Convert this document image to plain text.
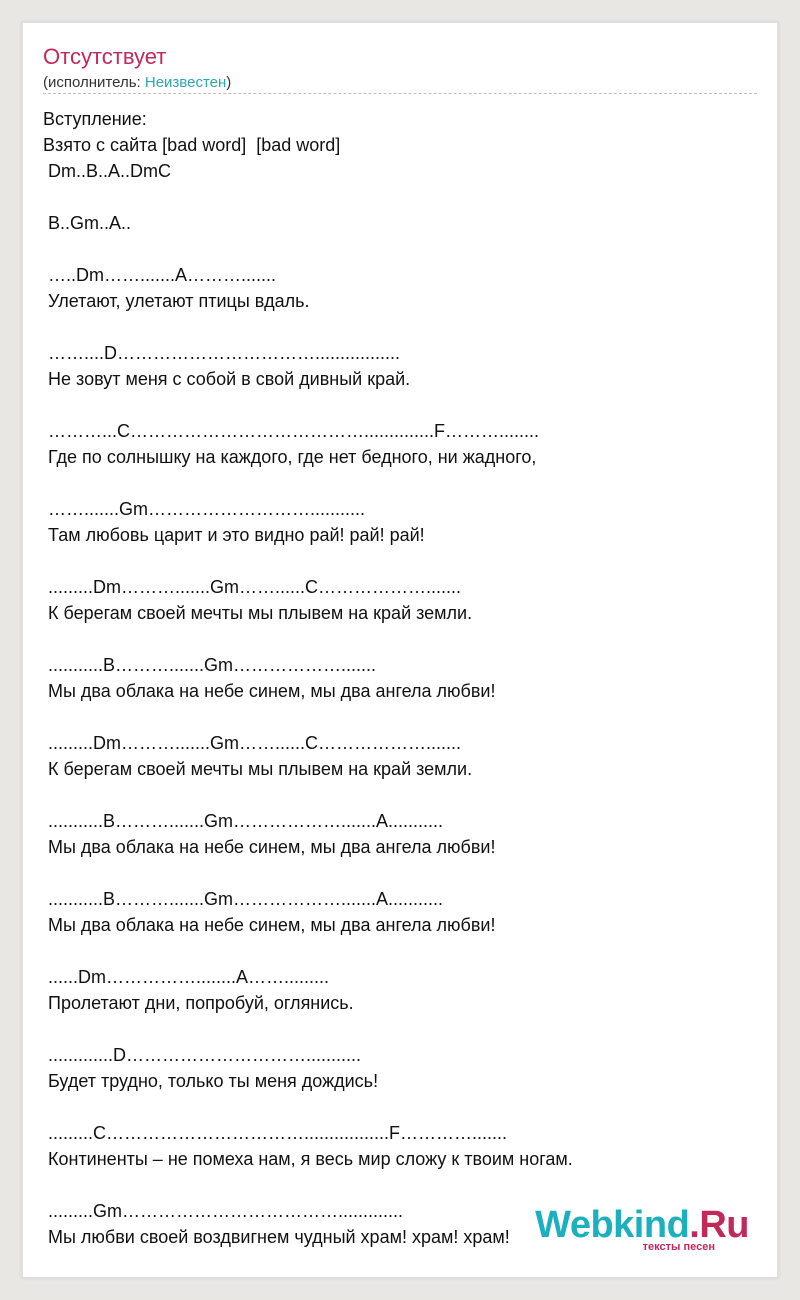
Отсутствует
(исполнитель: Неизвестен)
Вступление:
Взято с сайта [bad word]  [bad word]
Dm..B..A..DmC
B..Gm..A..
…..Dm…….......A……….......
Улетают, улетают птицы вдаль.
……....D…………………………….................
Не зовут меня с собой в свой дивный край.
………...C…………………………………..............F………........
Где по солнышку на каждого, где нет бедного, ни жадного,
…….......Gm………………………...........
Там любовь царит и это видно рай! рай! рай!
.........Dm……….......Gm……......C……………….......
К берегам своей мечты мы плывем на край земли.
...........B……….......Gm……………….......
Мы два облака на небе синем, мы два ангела любви!
.........Dm……….......Gm……......C……………….......
К берегам своей мечты мы плывем на край земли.
...........B……….......Gm……………….......A...........
Мы два облака на небе синем, мы два ангела любви!
...........B……….......Gm……………….......A...........
Мы два облака на небе синем, мы два ангела любви!
......Dm……………........A…….........
Пролетают дни, попробуй, оглянись.
.............D…………………………...........
Будет трудно, только ты меня дождись!
.........C…………………………….................F………….......
Континенты – не помеха нам, я весь мир сложу к твоим ногам.
.........Gm……………………………….............
Мы любви своей воздвигнем чудный храм! храм! храм! Webkind.Ru
тексты песен
